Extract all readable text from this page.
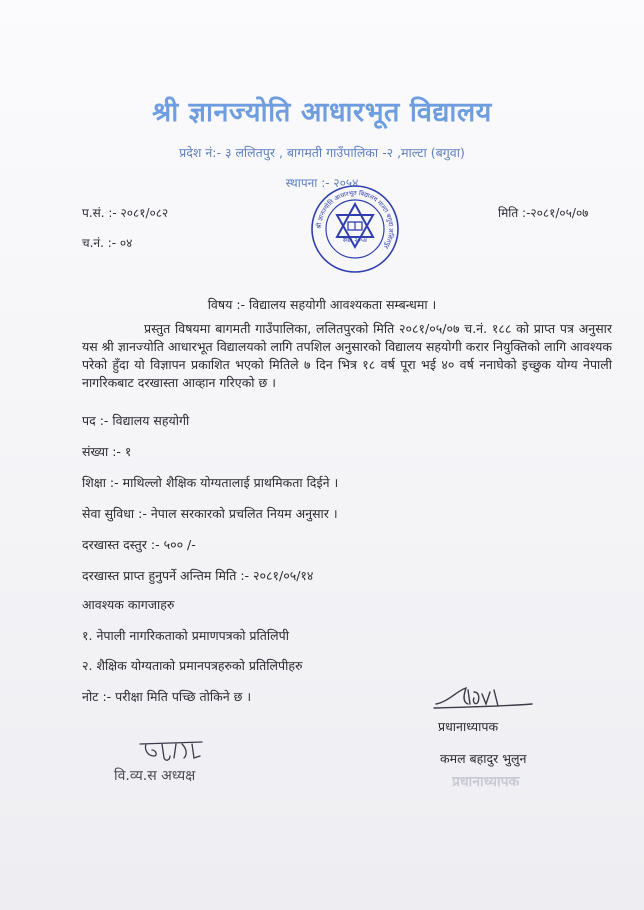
श्री ज्ञानज्योति आधारभूत विद्यालय
प्रदेश नं:- ३ ललितपुर , बागमती गाउँपालिका -२ ,माल्टा (बगुवा)
स्थापना :- २०५४
प.सं. :- २०८१/०८२
च.नं. :- ०४
मिति :-२०८१/०५/०७
श्री ज्ञानज्योति आधारभूत विद्यालय माल्टा बगुवा ललितपुर
स्था: २०५४
विषय :- विद्यालय सहयोगी आवश्यकता सम्बन्धमा ।
प्रस्तुत विषयमा बागमती गाउँपालिका, ललितपुरको मिति २०८१/०५/०७ च.नं. १८८ को प्राप्त पत्र अनुसार यस श्री ज्ञानज्योति आधारभूत विद्यालयको लागि तपशिल अनुसारको विद्यालय सहयोगी करार नियुक्तिको लागि आवश्यक परेको हुँदा यो विज्ञापन प्रकाशित भएको मितिले ७ दिन भित्र १८ वर्ष पूरा भई ४० वर्ष ननाघेको इच्छुक योग्य नेपाली नागरिकबाट दरखास्ता आव्हान गरिएको छ ।
पद :- विद्यालय सहयोगी
संख्या :- १
शिक्षा :- माथिल्लो शैक्षिक योग्यतालाई प्राथमिकता दिईने ।
सेवा सुविधा :- नेपाल सरकारको प्रचलित नियम अनुसार ।
दरखास्त दस्तुर :- ५०० /-
दरखास्त प्राप्त हुनुपर्ने अन्तिम मिति :- २०८१/०५/१४
आवश्यक कागजाहरु
१. नेपाली नागरिकताको प्रमाणपत्रको प्रतिलिपी
२. शैक्षिक योग्यताको प्रमानपत्रहरुको प्रतिलिपीहरु
नोट :- परीक्षा मिति पच्छि तोकिने छ ।
प्रधानाध्यापक
कमल बहादुर भुलुन
प्रधानाध्यापक
वि.व्य.स अध्यक्ष
